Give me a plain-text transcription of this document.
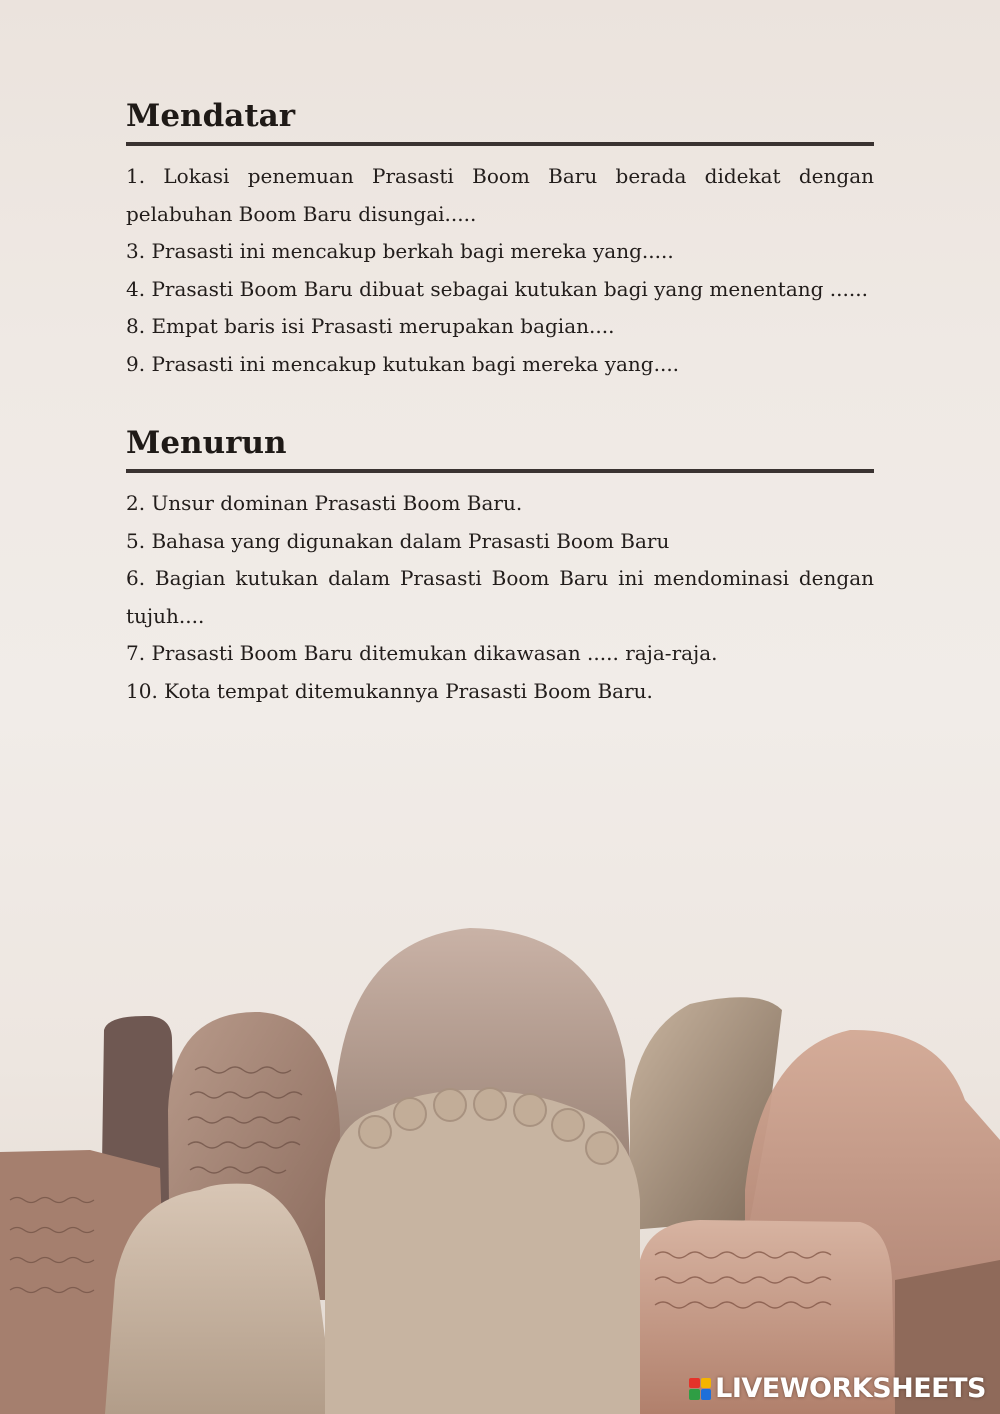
Mendatar

1. Lokasi penemuan Prasasti Boom Baru berada didekat dengan pelabuhan Boom Baru disungai.....

3. Prasasti ini mencakup berkah bagi mereka yang.....

4. Prasasti Boom Baru dibuat sebagai kutukan bagi yang menentang ......

8. Empat baris isi Prasasti merupakan bagian....

9. Prasasti ini mencakup kutukan bagi mereka yang....

Menurun

2. Unsur dominan Prasasti Boom Baru.

5. Bahasa yang digunakan dalam Prasasti Boom Baru

6. Bagian kutukan dalam Prasasti Boom Baru ini mendominasi dengan tujuh....

7. Prasasti Boom Baru ditemukan dikawasan ..... raja-raja.

10. Kota tempat ditemukannya Prasasti Boom Baru.

LIVEWORKSHEETS
